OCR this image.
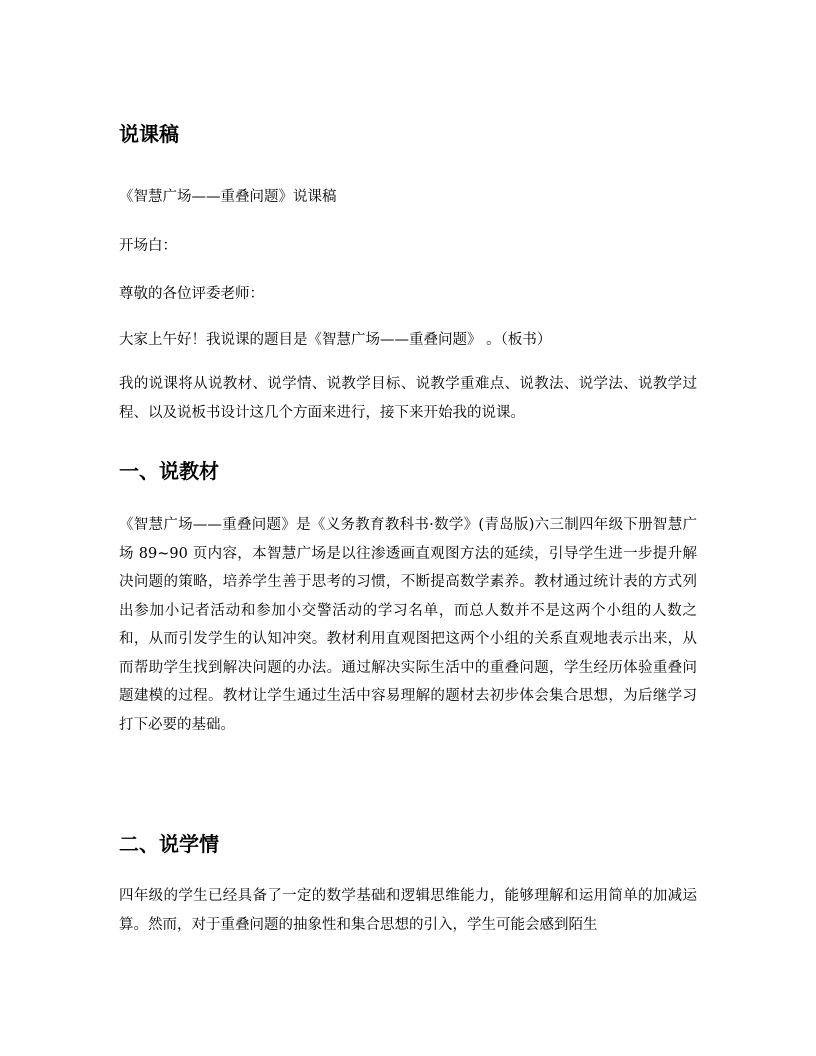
说课稿

《智慧广场——重叠问题》说课稿

开场白：

尊敬的各位评委老师：

大家上午好！我说课的题目是《智慧广场——重叠问题》 。（板书）

我的说课将从说教材、说学情、说教学目标、说教学重难点、说教法、说学法、说教学过程、以及说板书设计这几个方面来进行，接下来开始我的说课。

一、说教材

《智慧广场——重叠问题》是《义务教育教科书·数学》(青岛版)六三制四年级下册智慧广场 89~90 页内容，本智慧广场是以往渗透画直观图方法的延续，引导学生进一步提升解决问题的策略，培养学生善于思考的习惯，不断提高数学素养。教材通过统计表的方式列出参加小记者活动和参加小交警活动的学习名单，而总人数并不是这两个小组的人数之和，从而引发学生的认知冲突。教材利用直观图把这两个小组的关系直观地表示出来，从而帮助学生找到解决问题的办法。通过解决实际生活中的重叠问题，学生经历体验重叠问题建模的过程。教材让学生通过生活中容易理解的题材去初步体会集合思想，为后继学习打下必要的基础。

二、说学情

四年级的学生已经具备了一定的数学基础和逻辑思维能力，能够理解和运用简单的加减运算。然而，对于重叠问题的抽象性和集合思想的引入，学生可能会感到陌生
